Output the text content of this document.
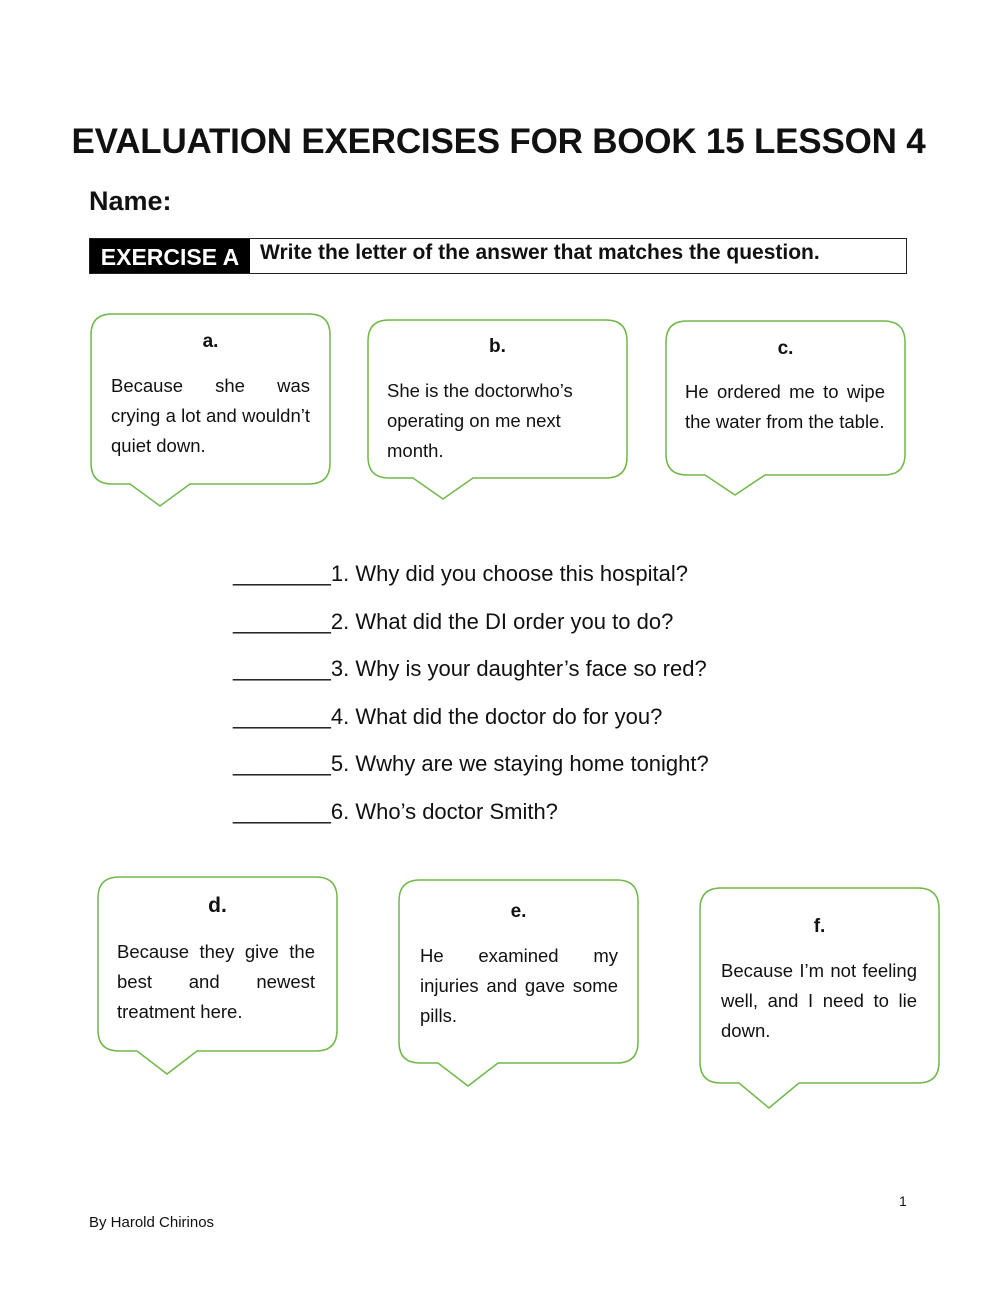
EVALUATION EXERCISES FOR BOOK 15 LESSON 4
Name:
EXERCISE A Write the letter of the answer that matches the question.
a.
Because she was crying a lot and wouldn’t quiet down.
b.
She is the doctorwho’s operating on me next month.
c.
He ordered me to wipe the water from the table.
________1. Why did you choose this hospital?
________2. What did the DI order you to do?
________3. Why is your daughter’s face so red?
________4. What did the doctor do for you?
________5. Wwhy are we staying home tonight?
________6. Who’s doctor Smith?
d.
Because they give the best and newest treatment here.
e.
He examined my injuries and gave some pills.
f.
Because I’m not feeling well, and I need to lie down.
1
By Harold Chirinos
